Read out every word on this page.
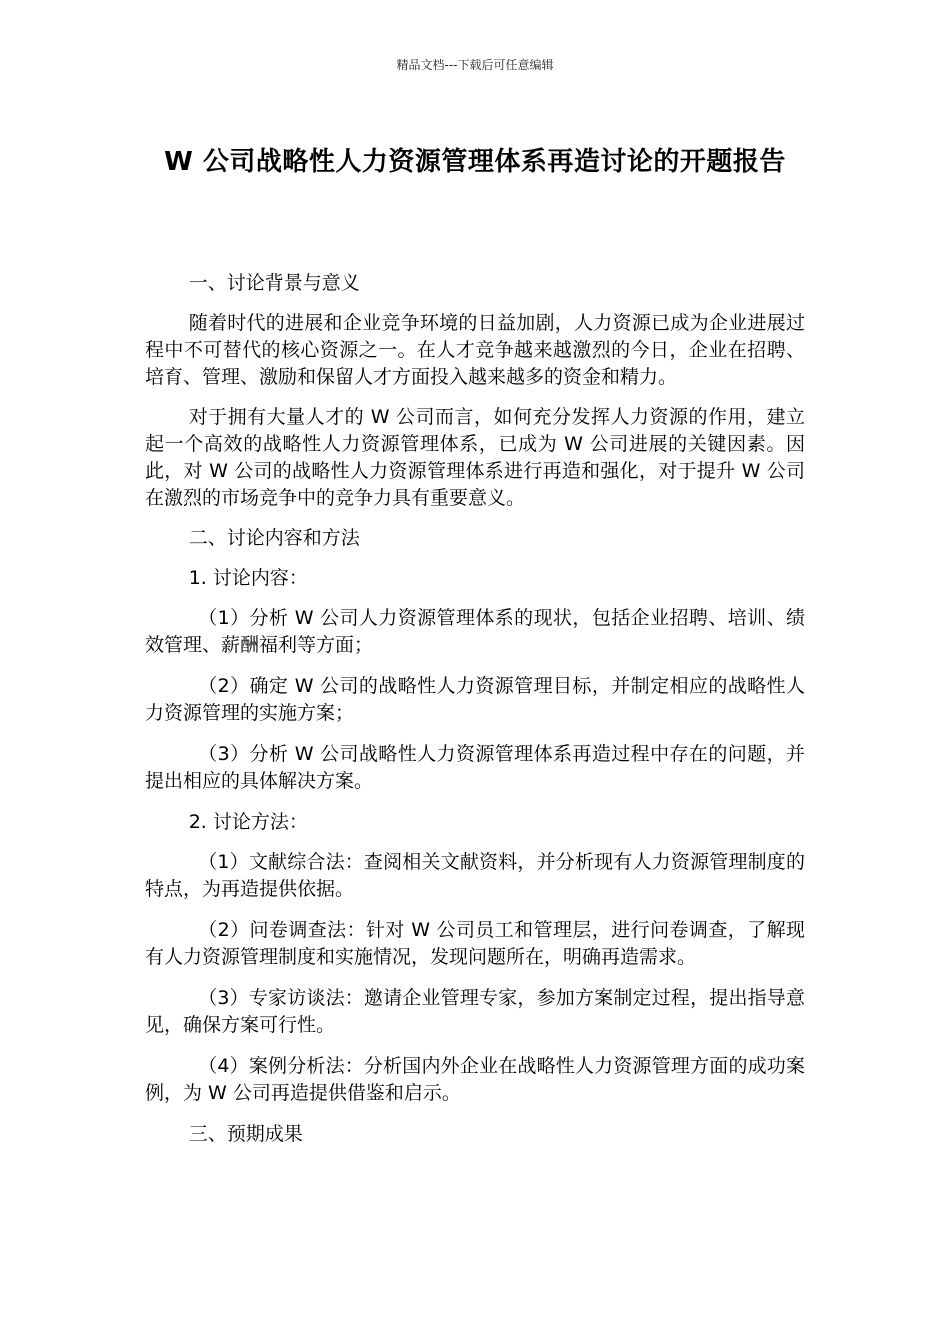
精品文档---下载后可任意编辑
W 公司战略性人力资源管理体系再造讨论的开题报告

一、讨论背景与意义

随着时代的进展和企业竞争环境的日益加剧，人力资源已成为企业进展过程中不可替代的核心资源之一。在人才竞争越来越激烈的今日，企业在招聘、培育、管理、激励和保留人才方面投入越来越多的资金和精力。

对于拥有大量人才的 W 公司而言，如何充分发挥人力资源的作用，建立起一个高效的战略性人力资源管理体系，已成为 W 公司进展的关键因素。因此，对 W 公司的战略性人力资源管理体系进行再造和强化，对于提升 W 公司在激烈的市场竞争中的竞争力具有重要意义。

二、讨论内容和方法

1. 讨论内容：

（1）分析 W 公司人力资源管理体系的现状，包括企业招聘、培训、绩效管理、薪酬福利等方面；

（2）确定 W 公司的战略性人力资源管理目标，并制定相应的战略性人力资源管理的实施方案；

（3）分析 W 公司战略性人力资源管理体系再造过程中存在的问题，并提出相应的具体解决方案。

2. 讨论方法：

（1）文献综合法：查阅相关文献资料，并分析现有人力资源管理制度的特点，为再造提供依据。

（2）问卷调查法：针对 W 公司员工和管理层，进行问卷调查，了解现有人力资源管理制度和实施情况，发现问题所在，明确再造需求。

（3）专家访谈法：邀请企业管理专家，参加方案制定过程，提出指导意见，确保方案可行性。

（4）案例分析法：分析国内外企业在战略性人力资源管理方面的成功案例，为 W 公司再造提供借鉴和启示。

三、预期成果
